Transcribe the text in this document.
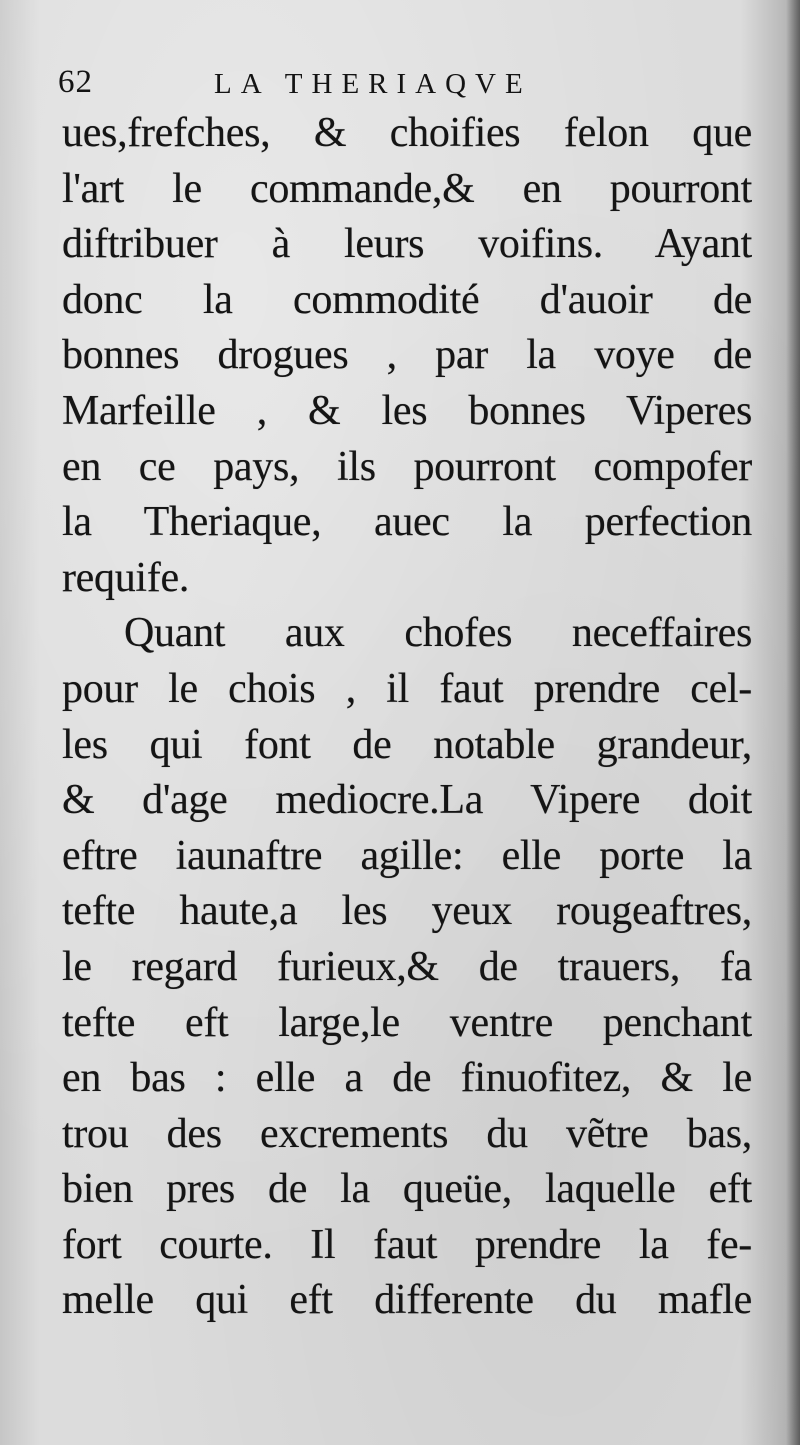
62	LA THERIAQVE
ues,frefches, & choifies felon que
l'art le commande,& en pourront
diftribuer à leurs voifins. Ayant
donc la commodité d'auoir de
bonnes drogues , par la voye de
Marfeille , & les bonnes Viperes
en ce pays, ils pourront compofer
la Theriaque, auec la perfection
requife.
Quant aux chofes neceffaires
pour le chois , il faut prendre cel-
les qui font de notable grandeur,
& d'age mediocre.La Vipere doit
eftre iaunaftre agille: elle porte la
tefte haute,a les yeux rougeaftres,
le regard furieux,& de trauers, fa
tefte eft large,le ventre penchant
en bas : elle a de finuofitez, & le
trou des excrements du vẽtre bas,
bien pres de la queüe, laquelle eft
fort courte. Il faut prendre la fe-
melle qui eft differente du mafle
